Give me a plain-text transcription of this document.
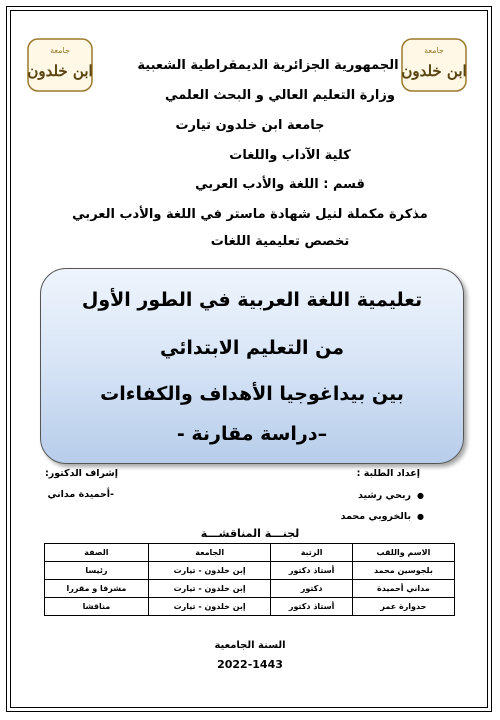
جامعة
ابن خلدون
جامعة
ابن خلدون
الجمهورية الجزائرية الديمقراطية الشعبية
وزارة التعليم العالي و البحث العلمي
جامعة ابن خلدون تيارت
كلية الآداب واللغات
قسم : اللغة والأدب العربي
مذكرة مكملة لنيل شهادة ماستر في اللغة والأدب العربي
تخصص تعليمية اللغات
تعليمية اللغة العربية في الطور الأول
من التعليم الابتدائي
بين بيداغوجيا الأهداف والكفاءات
–دراسة مقارنة -
إعداد الطلبة :
●ربحي رشيد
●بالخروبي محمد
إشراف الدكتور:
-أحميدة مداني
لجنـــة المناقشـــة
الاسم واللقب	الرتبة	الجامعة	الصفة
بلجوسين محمد	أستاذ دكتور	إبن خلدون - تيارت	رئيسا
مداني أحميدة	دكتور	إبن خلدون - تيارت	مشرفا و مقررا
حدوارة عمر	أستاذ دكتور	إبن خلدون - تيارت	مناقشا
السنة الجامعية
2022-1443
